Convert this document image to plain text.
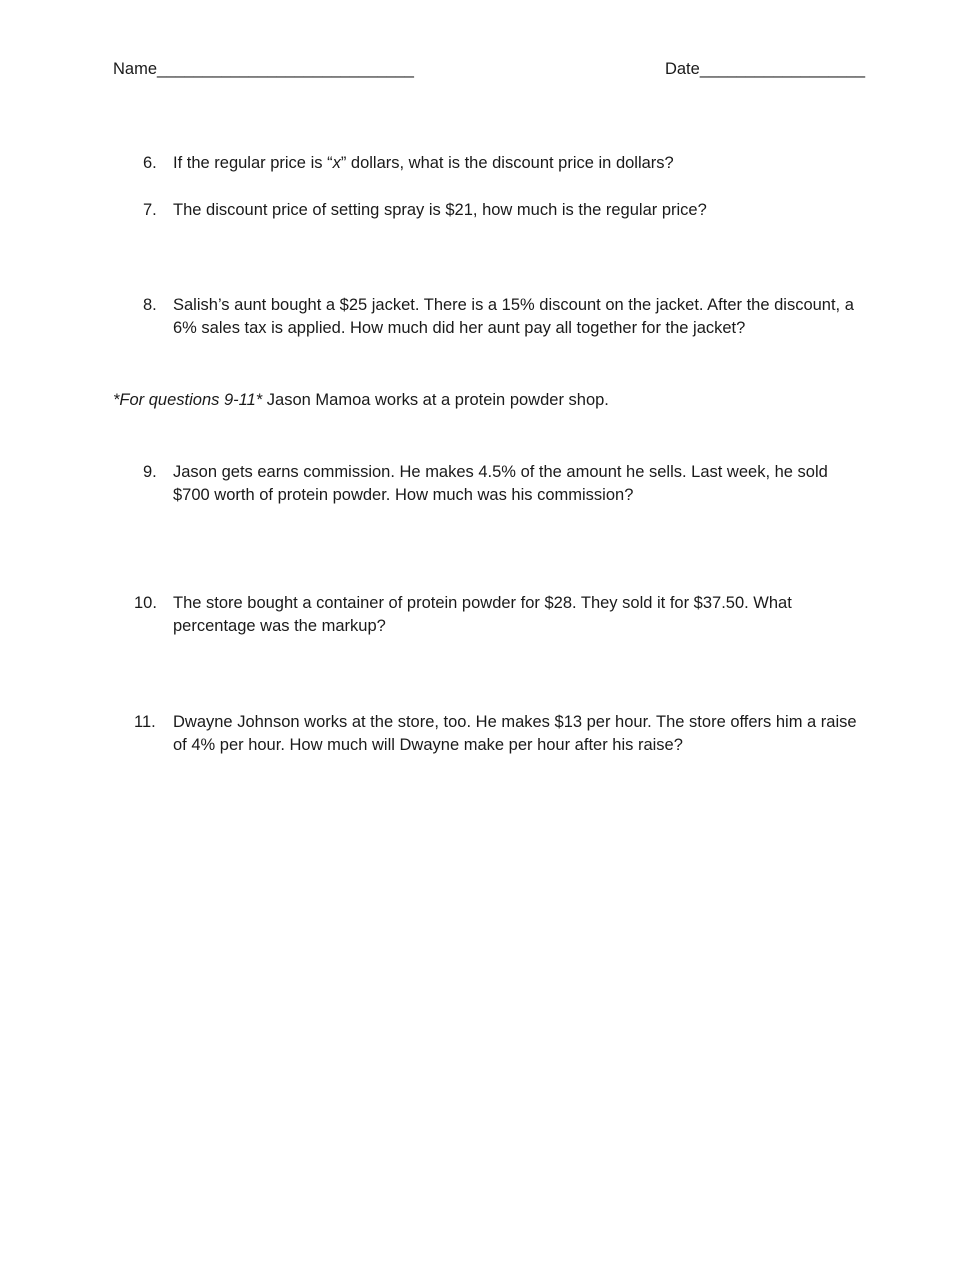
Name____________________________	Date__________________
6. If the regular price is “x” dollars, what is the discount price in dollars?
7. The discount price of setting spray is $21, how much is the regular price?
8. Salish’s aunt bought a $25 jacket. There is a 15% discount on the jacket. After the discount, a 6% sales tax is applied. How much did her aunt pay all together for the jacket?
9. Jason gets earns commission. He makes 4.5% of the amount he sells. Last week, he sold $700 worth of protein powder. How much was his commission?
10. The store bought a container of protein powder for $28. They sold it for $37.50. What percentage was the markup?
11.	Dwayne Johnson works at the store, too. He makes $13 per hour. The store offers him a raise of 4% per hour. How much will Dwayne make per hour after his raise?
*For questions 9-11* Jason Mamoa works at a protein powder shop.
